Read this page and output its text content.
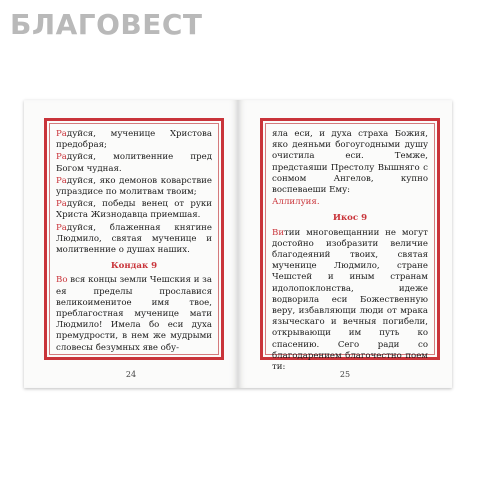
БЛАГОВЕСТ

Радуйся, мученице Христова предобрая;

Радуйся, молитвенние пред Богом чудная.

Радуйся, яко демонов коварствие упраздисе по молитвам твоим;

Радуйся, победы венец от руки Христа Жизнодавца приемшая.

Радуйся, блаженная княгине Людмило, святая мученице и молитвенние о душах наших.

Кондак 9

Во вся концы земли Чешския и за ея пределы прославися великоименитое имя твое, преблагостная мученице мати Людмило! Имела бо еси духа премудрости, в нем же мудрыми словесы безумных яве обу-

24

яла еси, и духа страха Божия, яко деяньми богоугодными душу очистила еси. Темже, предстаяши Престолу Вышняго с сонмом Ангелов, купно воспеваеши Ему:

Аллилуия.

Икос 9

Витии многовещаннии не могут достойно изобразити величие благодеяний твоих, святая мученице Людмило, стране Чешстей и иным странам идолопоклонства, идеже водворила еси Божественную веру, избавляющи люди от мрака языческаго и вечныя погибели, открывающи им путь ко спасению. Сего ради со благодарением благочестно поем ти:

25
